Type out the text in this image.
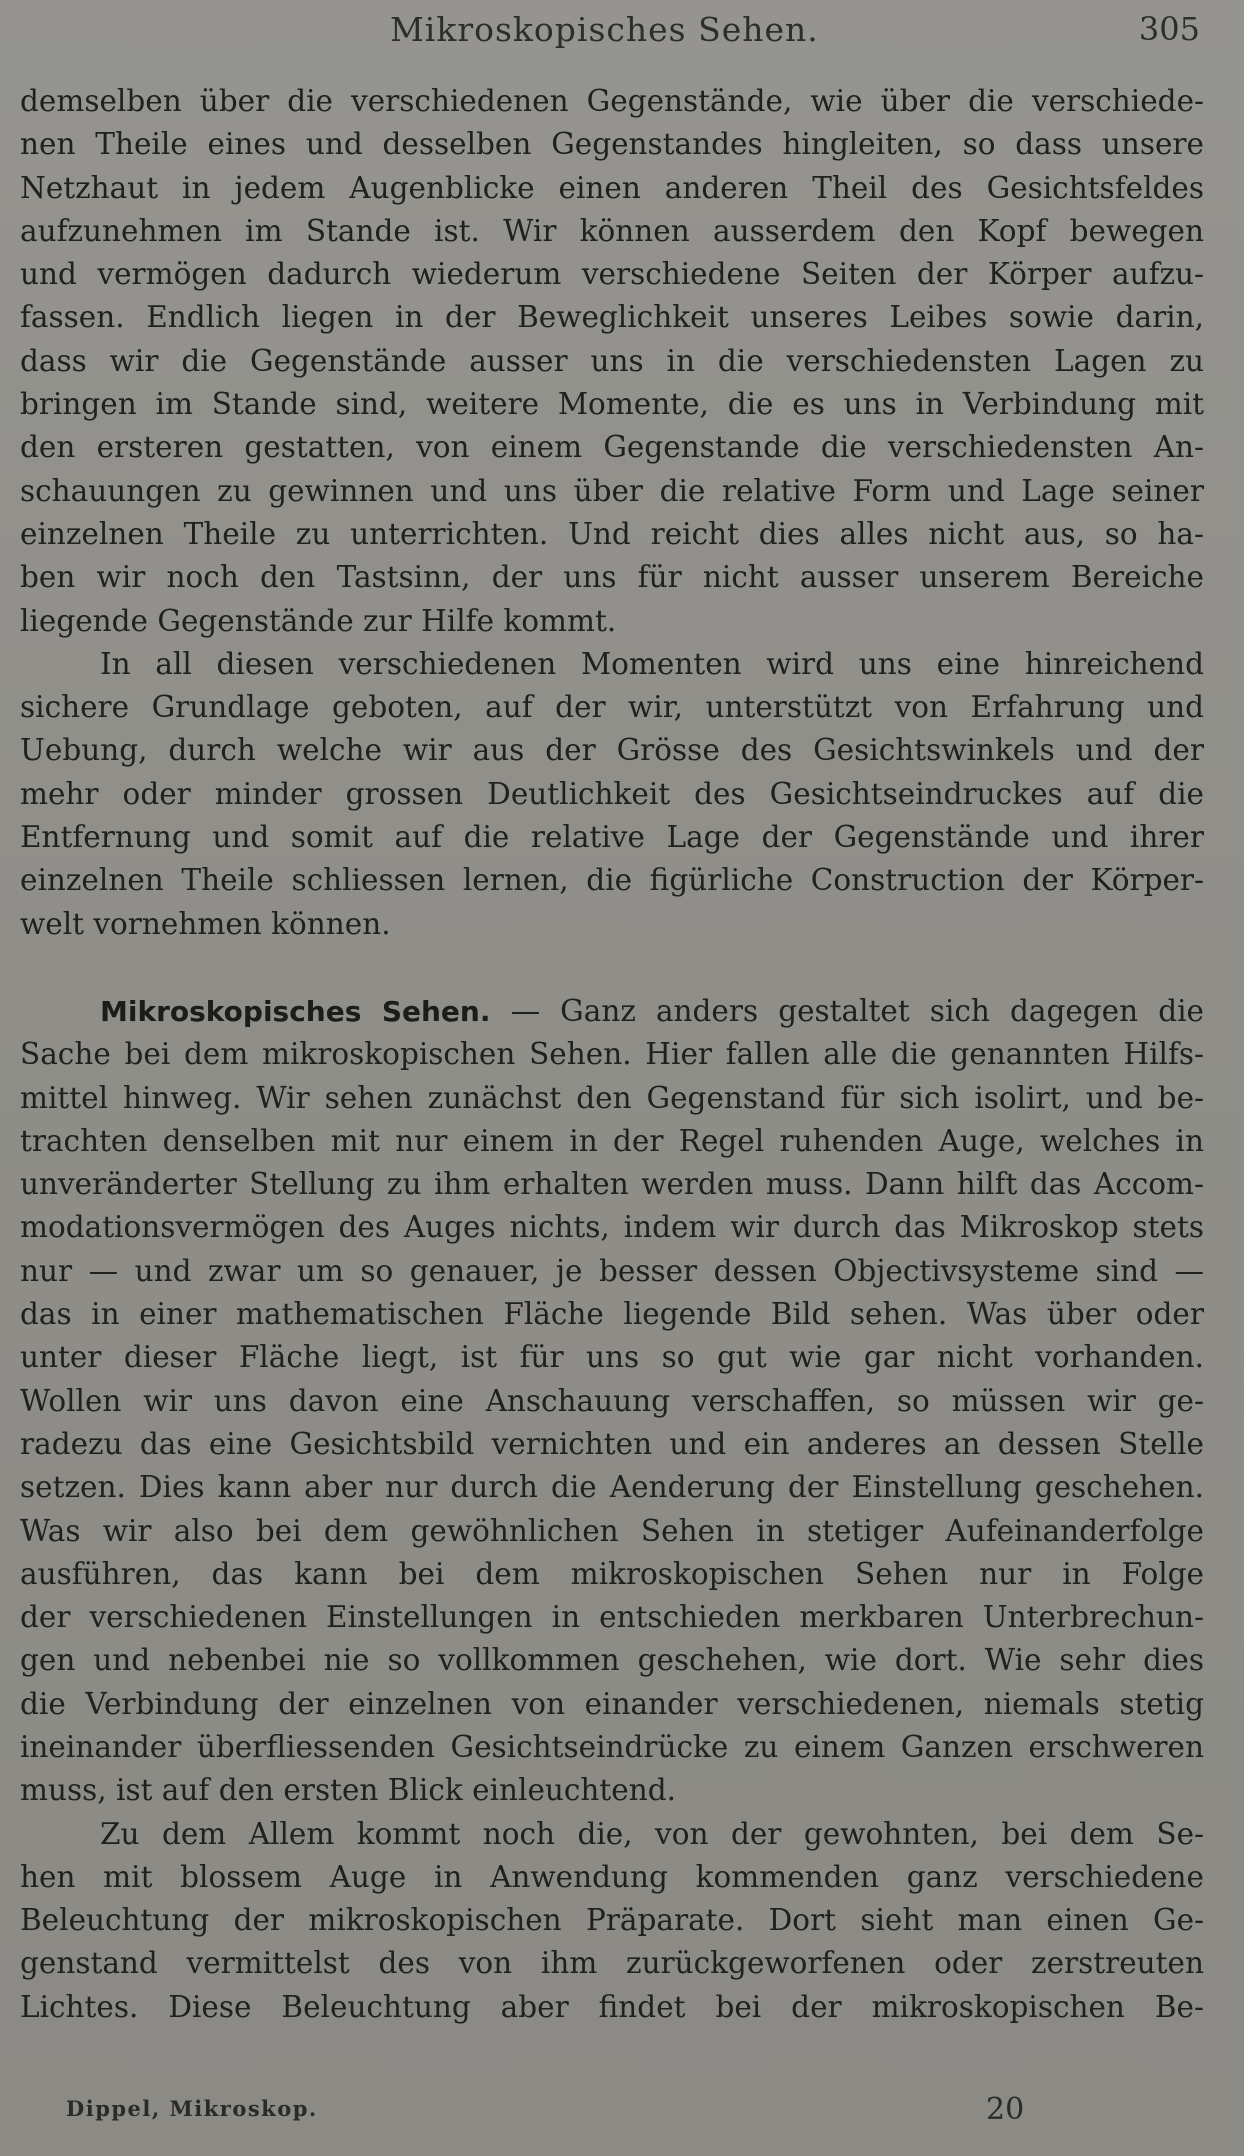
Mikroskopisches Sehen.	305
demselben über die verschiedenen Gegenstände, wie über die verschiede-
nen Theile eines und desselben Gegenstandes hingleiten, so dass unsere
Netzhaut in jedem Augenblicke einen anderen Theil des Gesichtsfeldes
aufzunehmen im Stande ist. Wir können ausserdem den Kopf bewegen
und vermögen dadurch wiederum verschiedene Seiten der Körper aufzu-
fassen. Endlich liegen in der Beweglichkeit unseres Leibes sowie darin,
dass wir die Gegenstände ausser uns in die verschiedensten Lagen zu
bringen im Stande sind, weitere Momente, die es uns in Verbindung mit
den ersteren gestatten, von einem Gegenstande die verschiedensten An-
schauungen zu gewinnen und uns über die relative Form und Lage seiner
einzelnen Theile zu unterrichten. Und reicht dies alles nicht aus, so ha-
ben wir noch den Tastsinn, der uns für nicht ausser unserem Bereiche
liegende Gegenstände zur Hilfe kommt.
In all diesen verschiedenen Momenten wird uns eine hinreichend
sichere Grundlage geboten, auf der wir, unterstützt von Erfahrung und
Uebung, durch welche wir aus der Grösse des Gesichtswinkels und der
mehr oder minder grossen Deutlichkeit des Gesichtseindruckes auf die
Entfernung und somit auf die relative Lage der Gegenstände und ihrer
einzelnen Theile schliessen lernen, die figürliche Construction der Körper-
welt vornehmen können.
Mikroskopisches Sehen. — Ganz anders gestaltet sich dagegen die
Sache bei dem mikroskopischen Sehen. Hier fallen alle die genannten Hilfs-
mittel hinweg. Wir sehen zunächst den Gegenstand für sich isolirt, und be-
trachten denselben mit nur einem in der Regel ruhenden Auge, welches in
unveränderter Stellung zu ihm erhalten werden muss. Dann hilft das Accom-
modationsvermögen des Auges nichts, indem wir durch das Mikroskop stets
nur — und zwar um so genauer, je besser dessen Objectivsysteme sind —
das in einer mathematischen Fläche liegende Bild sehen. Was über oder
unter dieser Fläche liegt, ist für uns so gut wie gar nicht vorhanden.
Wollen wir uns davon eine Anschauung verschaffen, so müssen wir ge-
radezu das eine Gesichtsbild vernichten und ein anderes an dessen Stelle
setzen. Dies kann aber nur durch die Aenderung der Einstellung geschehen.
Was wir also bei dem gewöhnlichen Sehen in stetiger Aufeinanderfolge
ausführen, das kann bei dem mikroskopischen Sehen nur in Folge
der verschiedenen Einstellungen in entschieden merkbaren Unterbrechun-
gen und nebenbei nie so vollkommen geschehen, wie dort. Wie sehr dies
die Verbindung der einzelnen von einander verschiedenen, niemals stetig
ineinander überfliessenden Gesichtseindrücke zu einem Ganzen erschweren
muss, ist auf den ersten Blick einleuchtend.
Zu dem Allem kommt noch die, von der gewohnten, bei dem Se-
hen mit blossem Auge in Anwendung kommenden ganz verschiedene
Beleuchtung der mikroskopischen Präparate. Dort sieht man einen Ge-
genstand vermittelst des von ihm zurückgeworfenen oder zerstreuten
Lichtes. Diese Beleuchtung aber findet bei der mikroskopischen Be-
Dippel, Mikroskop.	20
